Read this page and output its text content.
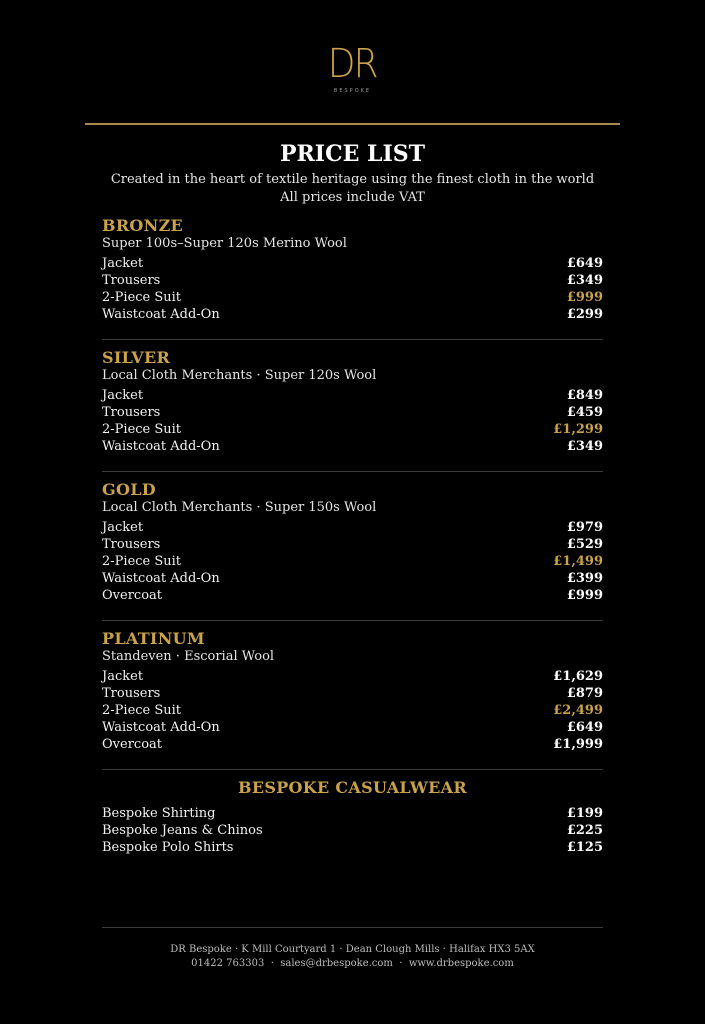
DR
BESPOKE
PRICE LIST
Created in the heart of textile heritage using the finest cloth in the world
All prices include VAT
BRONZE
Super 100s–Super 120s Merino Wool
Jacket	£649
Trousers	£349
2-Piece Suit	£999
Waistcoat Add-On	£299
SILVER
Local Cloth Merchants · Super 120s Wool
Jacket	£849
Trousers	£459
2-Piece Suit	£1,299
Waistcoat Add-On	£349
GOLD
Local Cloth Merchants · Super 150s Wool
Jacket	£979
Trousers	£529
2-Piece Suit	£1,499
Waistcoat Add-On	£399
Overcoat	£999
PLATINUM
Standeven · Escorial Wool
Jacket	£1,629
Trousers	£879
2-Piece Suit	£2,499
Waistcoat Add-On	£649
Overcoat	£1,999
BESPOKE CASUALWEAR
Bespoke Shirting	£199
Bespoke Jeans & Chinos	£225
Bespoke Polo Shirts	£125
DR Bespoke · K Mill Courtyard 1 · Dean Clough Mills · Halifax HX3 5AX
01422 763303 · sales@drbespoke.com · www.drbespoke.com
